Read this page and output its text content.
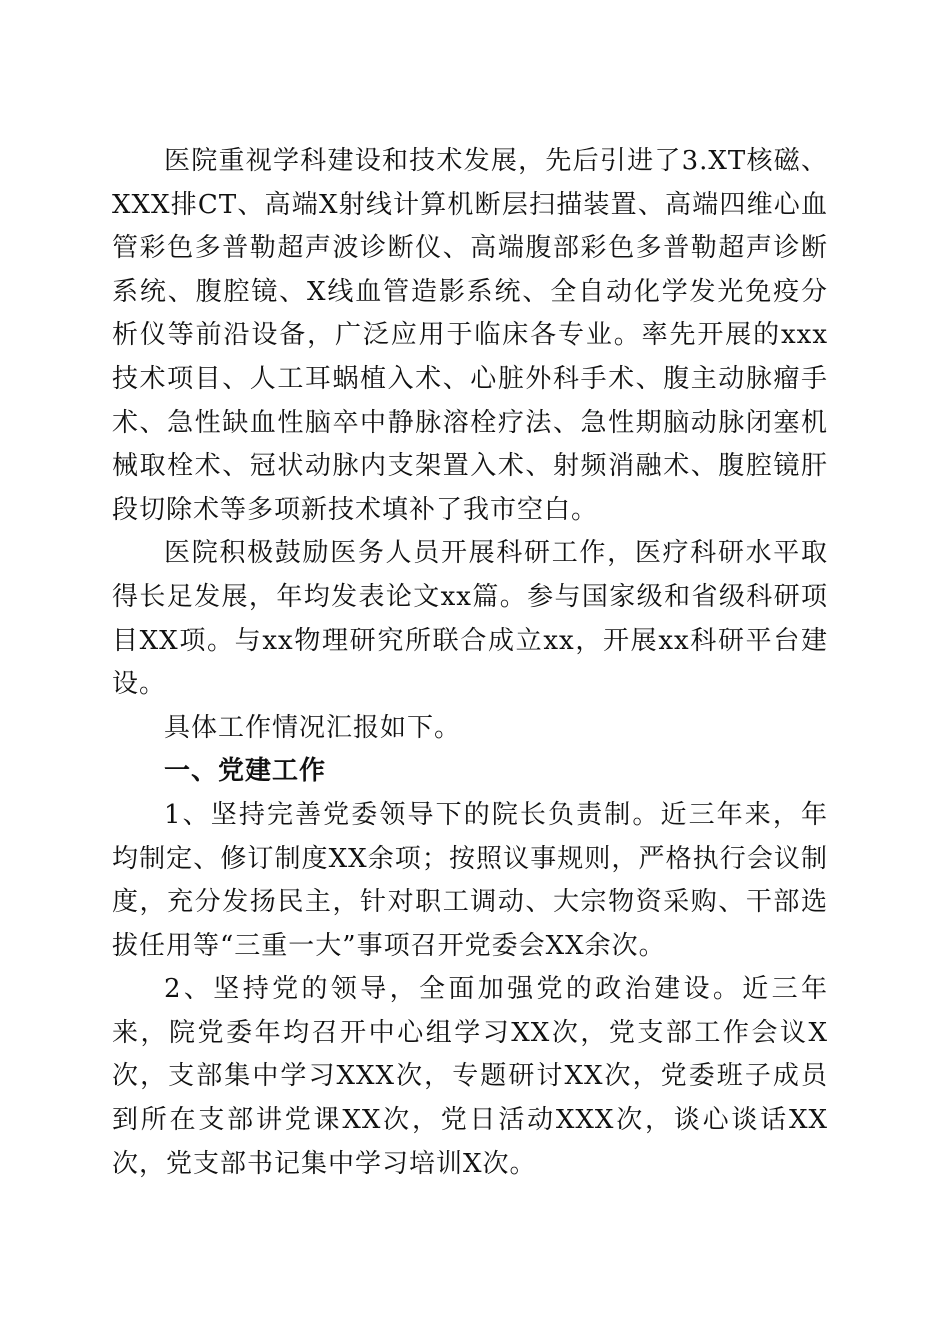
医院重视学科建设和技术发展，先后引进了3.XT核磁、XXX排CT、高端X射线计算机断层扫描装置、高端四维心血管彩色多普勒超声波诊断仪、高端腹部彩色多普勒超声诊断系统、腹腔镜、X线血管造影系统、全自动化学发光免疫分析仪等前沿设备，广泛应用于临床各专业。率先开展的xxx技术项目、人工耳蜗植入术、心脏外科手术、腹主动脉瘤手术、急性缺血性脑卒中静脉溶栓疗法、急性期脑动脉闭塞机械取栓术、冠状动脉内支架置入术、射频消融术、腹腔镜肝段切除术等多项新技术填补了我市空白。

医院积极鼓励医务人员开展科研工作，医疗科研水平取得长足发展，年均发表论文xx篇。参与国家级和省级科研项目XX项。与xx物理研究所联合成立xx，开展xx科研平台建设。

具体工作情况汇报如下。

一、党建工作

1、坚持完善党委领导下的院长负责制。近三年来，年均制定、修订制度XX余项；按照议事规则，严格执行会议制度，充分发扬民主，针对职工调动、大宗物资采购、干部选拔任用等“三重一大”事项召开党委会XX余次。

2、坚持党的领导，全面加强党的政治建设。近三年来，院党委年均召开中心组学习XX次，党支部工作会议X次，支部集中学习XXX次，专题研讨XX次，党委班子成员到所在支部讲党课XX次，党日活动XXX次，谈心谈话XX次，党支部书记集中学习培训X次。
